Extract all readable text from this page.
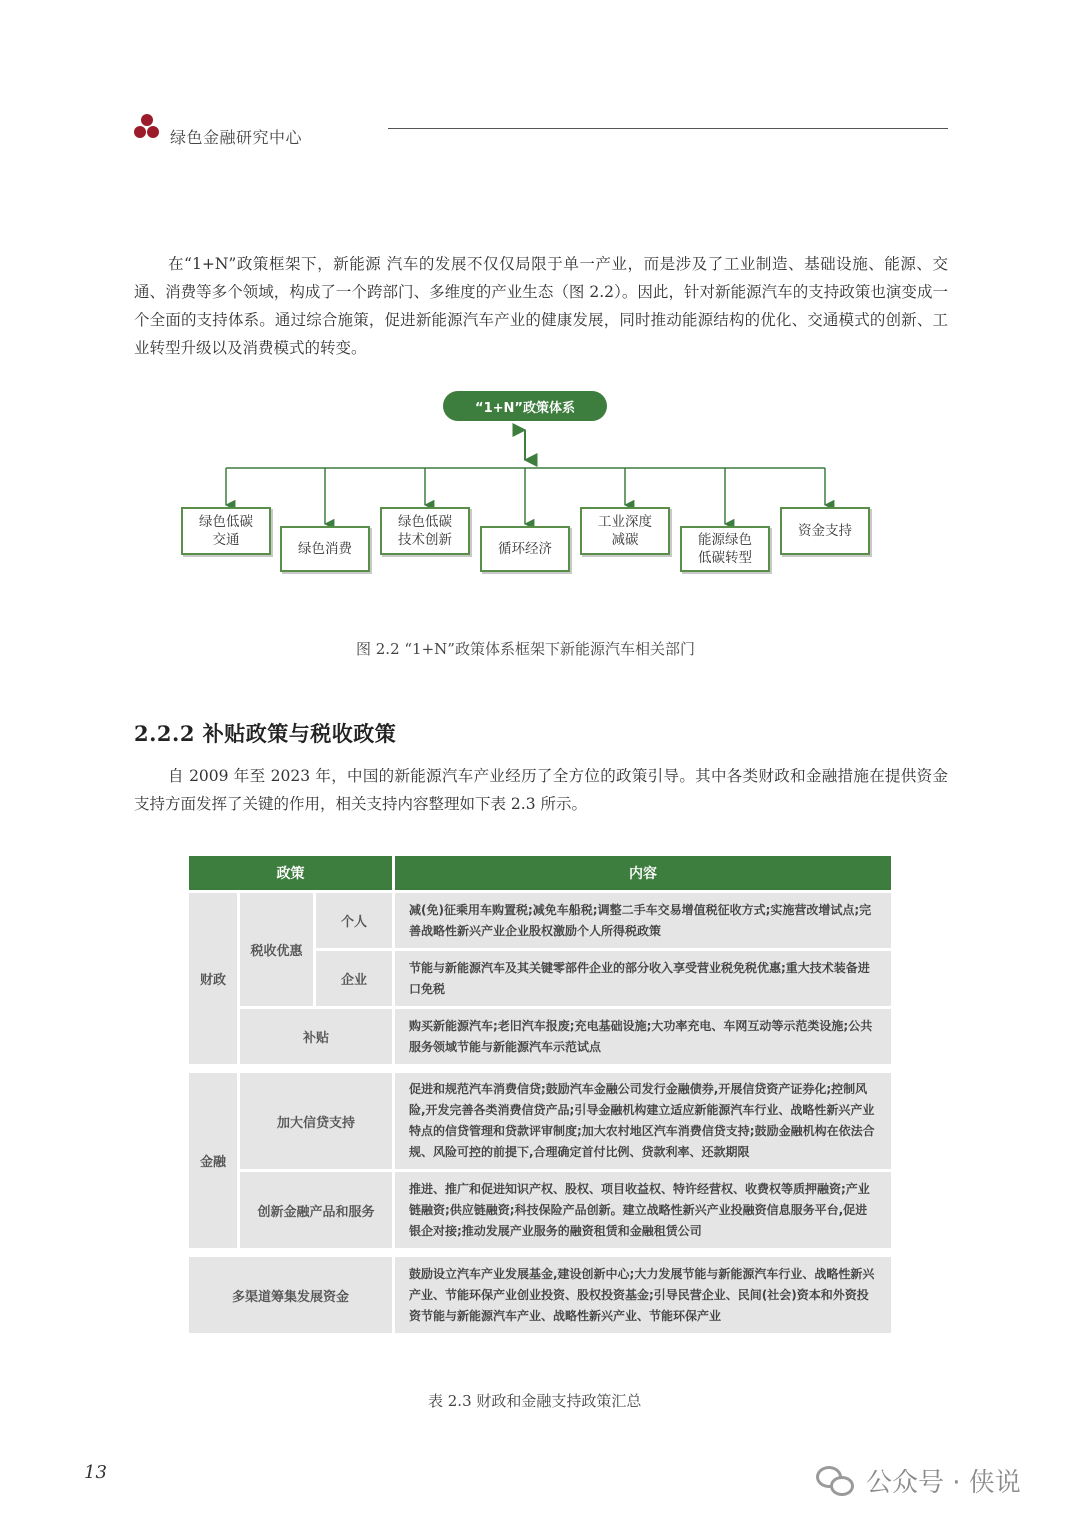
绿色金融研究中心

在“1+N”政策框架下，新能源 汽车的发展不仅仅局限于单一产业，而是涉及了工业制造、基础设施、能源、交通、消费等多个领域，构成了一个跨部门、多维度的产业生态（图 2.2）。因此，针对新能源汽车的支持政策也演变成一个全面的支持体系。通过综合施策，促进新能源汽车产业的健康发展，同时推动能源结构的优化、交通模式的创新、工业转型升级以及消费模式的转变。

“1+N”政策体系
绿色低碳
交通
绿色消费
绿色低碳
技术创新
循环经济
工业深度
减碳	能源绿色
低碳转型
资金支持
图 2.2 “1+N”政策体系框架下新能源汽车相关部门
2.2.2 补贴政策与税收政策

自 2009 年至 2023 年，中国的新能源汽车产业经历了全方位的政策引导。其中各类财政和金融措施在提供资金支持方面发挥了关键的作用，相关支持内容整理如下表 2.3 所示。

政策			内容
财政	税收优惠	个人	减(免)征乘用车购置税;减免车船税;调整二手车交易增值税征收方式;实施营改增试点;完善战略性新兴产业企业股权激励个人所得税政策
		企业	节能与新能源汽车及其关键零部件企业的部分收入享受营业税免税优惠;重大技术装备进口免税
	补贴		购买新能源汽车;老旧汽车报废;充电基础设施;大功率充电、车网互动等示范类设施;公共服务领域节能与新能源汽车示范试点

金融	加大信贷支持		促进和规范汽车消费信贷;鼓励汽车金融公司发行金融债券,开展信贷资产证券化;控制风险,开发完善各类消费信贷产品;引导金融机构建立适应新能源汽车行业、战略性新兴产业特点的信贷管理和贷款评审制度;加大农村地区汽车消费信贷支持;鼓励金融机构在依法合规、风险可控的前提下,合理确定首付比例、贷款利率、还款期限
	创新金融产品和服务		推进、推广和促进知识产权、股权、项目收益权、特许经营权、收费权等质押融资;产业链融资;供应链融资;科技保险产品创新。建立战略性新兴产业投融资信息服务平台,促进银企对接;推动发展产业服务的融资租赁和金融租赁公司

多渠道筹集发展资金			鼓励设立汽车产业发展基金,建设创新中心;大力发展节能与新能源汽车行业、战略性新兴产业、节能环保产业创业投资、股权投资基金;引导民营企业、民间(社会)资本和外资投资节能与新能源汽车产业、战略性新兴产业、节能环保产业
表 2.3 财政和金融支持政策汇总
13	公众号 · 侠说
